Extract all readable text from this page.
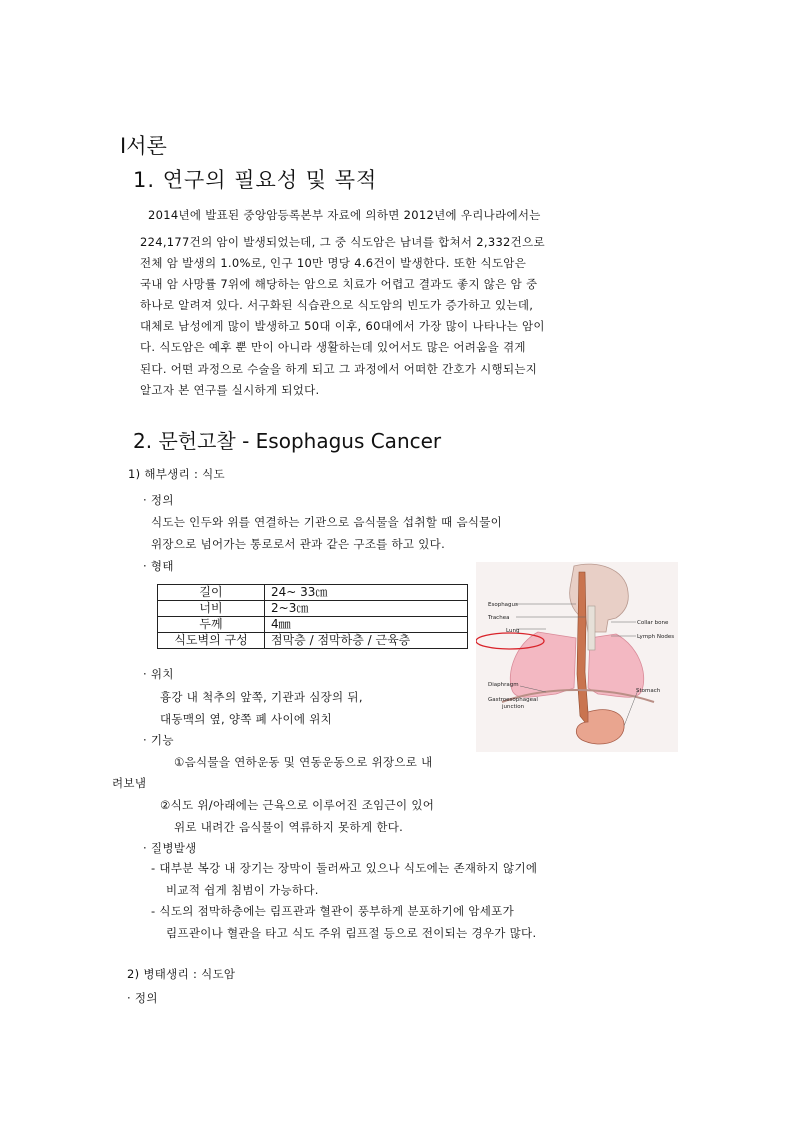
Ⅰ서론
1. 연구의 필요성 및 목적
2014년에 발표된 중앙암등록본부 자료에 의하면 2012년에 우리나라에서는
224,177건의 암이 발생되었는데, 그 중 식도암은 남녀를 합쳐서 2,332건으로
전체 암 발생의 1.0%로, 인구 10만 명당 4.6건이 발생한다. 또한 식도암은
국내 암 사망률 7위에 해당하는 암으로 치료가 어렵고 결과도 좋지 않은 암 중
하나로 알려져 있다. 서구화된 식습관으로 식도암의 빈도가 증가하고 있는데,
대체로 남성에게 많이 발생하고 50대 이후, 60대에서 가장 많이 나타나는 암이
다. 식도암은 예후 뿐 만이 아니라 생활하는데 있어서도 많은 어려움을 겪게
된다. 어떤 과정으로 수술을 하게 되고 그 과정에서 어떠한 간호가 시행되는지
알고자 본 연구를 실시하게 되었다.
2. 문헌고찰 - Esophagus Cancer
1) 해부생리 : 식도
· 정의
식도는 인두와 위를 연결하는 기관으로 음식물을 섭취할 때 음식물이
위장으로 넘어가는 통로로서 관과 같은 구조를 하고 있다.
· 형태
길이	24~ 33㎝
너비	2~3㎝
두께	4㎜
식도벽의 구성	점막층 / 점막하층 / 근육층
Esophagus
Trachea
Lung
Collar bone
Lymph Nodes
Diaphragm
Stomach
Gastroesophageal
junction
· 위치
흉강 내 척추의 앞쪽, 기관과 심장의 뒤,
대동맥의 옆, 양쪽 폐 사이에 위치
· 기능
①음식물을 연하운동 및 연동운동으로 위장으로 내
려보냄
②식도 위/아래에는 근육으로 이루어진 조임근이 있어
위로 내려간 음식물이 역류하지 못하게 한다.
· 질병발생
- 대부분 복강 내 장기는 장막이 둘러싸고 있으나 식도에는 존재하지 않기에
비교적 쉽게 침범이 가능하다.
- 식도의 점막하층에는 림프관과 혈관이 풍부하게 분포하기에 암세포가
림프관이나 혈관을 타고 식도 주위 림프절 등으로 전이되는 경우가 많다.
2) 병태생리 : 식도암
· 정의
